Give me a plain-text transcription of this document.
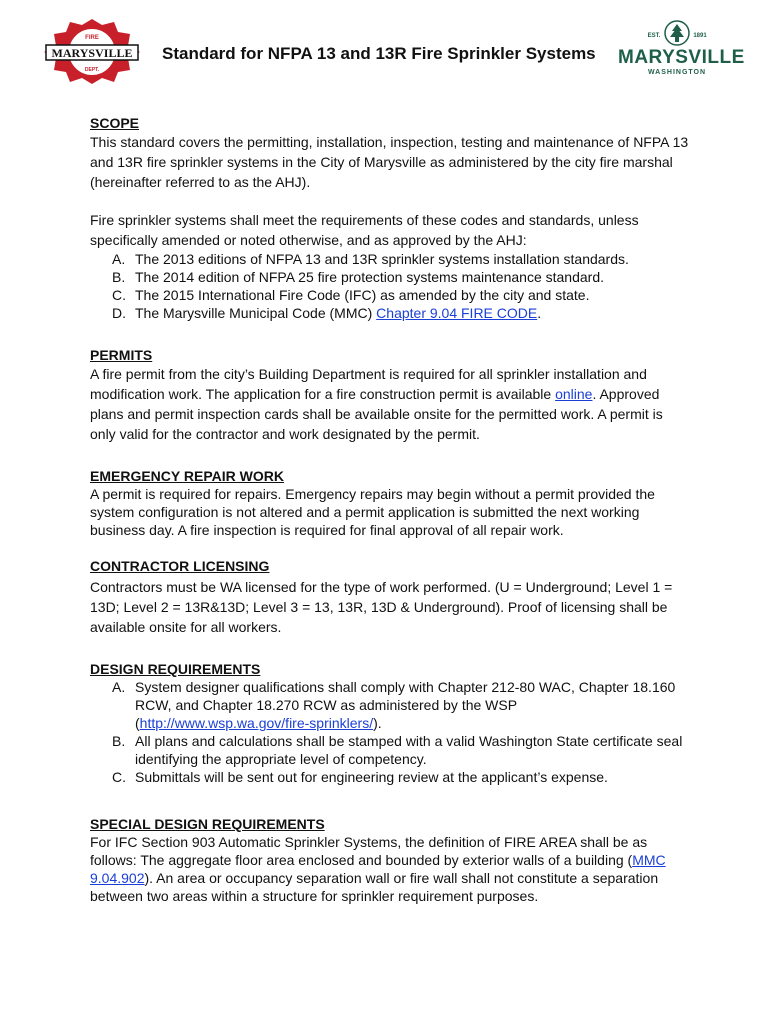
FIRE
MARYSVILLE
DEPT.
Standard for NFPA 13 and 13R Fire Sprinkler Systems
EST.	1891
MARYSVILLE
WASHINGTON
SCOPE

This standard covers the permitting, installation, inspection, testing and maintenance of NFPA 13 and 13R fire sprinkler systems in the City of Marysville as administered by the city fire marshal (hereinafter referred to as the AHJ).

Fire sprinkler systems shall meet the requirements of these codes and standards, unless specifically amended or noted otherwise, and as approved by the AHJ:

A. The 2013 editions of NFPA 13 and 13R sprinkler systems installation standards.
B. The 2014 edition of NFPA 25 fire protection systems maintenance standard.
C. The 2015 International Fire Code (IFC) as amended by the city and state.
D. The Marysville Municipal Code (MMC) Chapter 9.04 FIRE CODE.
PERMITS

A fire permit from the city’s Building Department is required for all sprinkler installation and modification work. The application for a fire construction permit is available online. Approved plans and permit inspection cards shall be available onsite for the permitted work. A permit is only valid for the contractor and work designated by the permit.

EMERGENCY REPAIR WORK

A permit is required for repairs. Emergency repairs may begin without a permit provided the system configuration is not altered and a permit application is submitted the next working business day. A fire inspection is required for final approval of all repair work.

CONTRACTOR LICENSING

Contractors must be WA licensed for the type of work performed. (U = Underground; Level 1 = 13D; Level 2 = 13R&13D; Level 3 = 13, 13R, 13D & Underground). Proof of licensing shall be available onsite for all workers.

DESIGN REQUIREMENTS
A. System designer qualifications shall comply with Chapter 212-80 WAC, Chapter 18.160 RCW, and Chapter 18.270 RCW as administered by the WSP (http://www.wsp.wa.gov/fire-sprinklers/).
B. All plans and calculations shall be stamped with a valid Washington State certificate seal identifying the appropriate level of competency.
C. Submittals will be sent out for engineering review at the applicant’s expense.
SPECIAL DESIGN REQUIREMENTS

For IFC Section 903 Automatic Sprinkler Systems, the definition of FIRE AREA shall be as follows: The aggregate floor area enclosed and bounded by exterior walls of a building (MMC 9.04.902). An area or occupancy separation wall or fire wall shall not constitute a separation between two areas within a structure for sprinkler requirement purposes.
